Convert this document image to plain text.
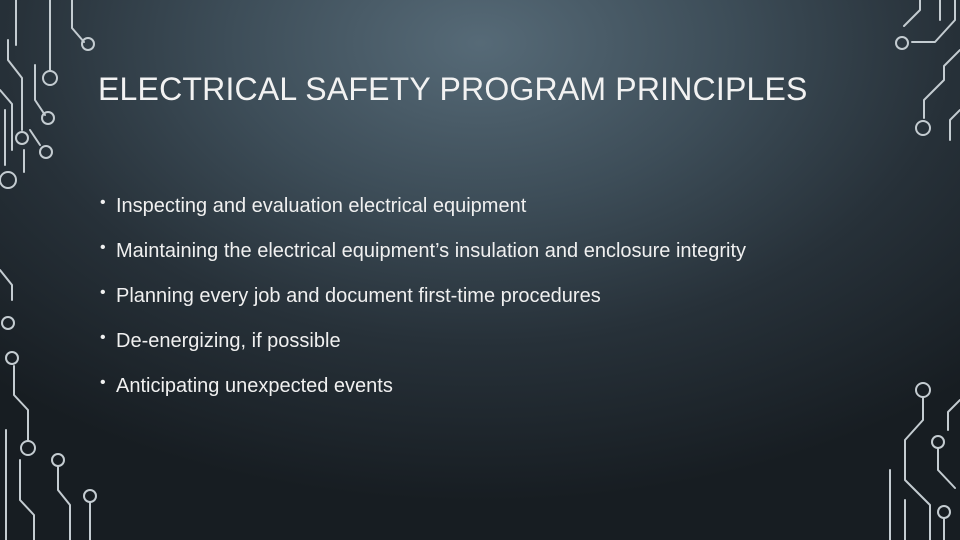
ELECTRICAL SAFETY PROGRAM PRINCIPLES
• Inspecting and evaluation electrical equipment
• Maintaining the electrical equipment’s insulation and enclosure integrity
• Planning every job and document first-time procedures
• De-energizing, if possible
• Anticipating unexpected events
